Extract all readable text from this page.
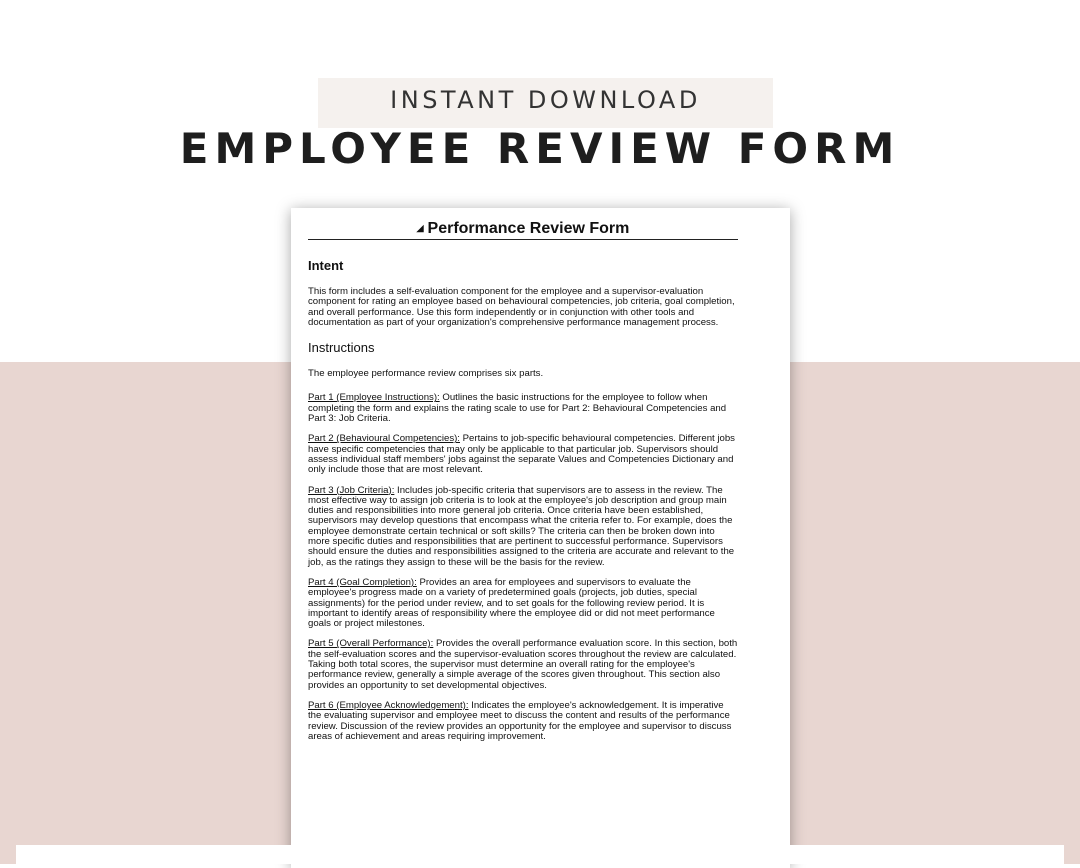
INSTANT DOWNLOAD
EMPLOYEE REVIEW FORM
◢ Performance Review Form
Intent
This form includes a self-evaluation component for the employee and a supervisor-evaluation component for rating an employee based on behavioural competencies, job criteria, goal completion, and overall performance. Use this form independently or in conjunction with other tools and documentation as part of your organization's comprehensive performance management process.
Instructions
The employee performance review comprises six parts.
Part 1 (Employee Instructions): Outlines the basic instructions for the employee to follow when completing the form and explains the rating scale to use for Part 2: Behavioural Competencies and Part 3: Job Criteria.
Part 2 (Behavioural Competencies): Pertains to job-specific behavioural competencies. Different jobs have specific competencies that may only be applicable to that particular job. Supervisors should assess individual staff members' jobs against the separate Values and Competencies Dictionary and only include those that are most relevant.
Part 3 (Job Criteria): Includes job-specific criteria that supervisors are to assess in the review. The most effective way to assign job criteria is to look at the employee's job description and group main duties and responsibilities into more general job criteria. Once criteria have been established, supervisors may develop questions that encompass what the criteria refer to. For example, does the employee demonstrate certain technical or soft skills? The criteria can then be broken down into more specific duties and responsibilities that are pertinent to successful performance. Supervisors should ensure the duties and responsibilities assigned to the criteria are accurate and relevant to the job, as the ratings they assign to these will be the basis for the review.
Part 4 (Goal Completion): Provides an area for employees and supervisors to evaluate the employee's progress made on a variety of predetermined goals (projects, job duties, special assignments) for the period under review, and to set goals for the following review period. It is important to identify areas of responsibility where the employee did or did not meet performance goals or project milestones.
Part 5 (Overall Performance): Provides the overall performance evaluation score. In this section, both the self-evaluation scores and the supervisor-evaluation scores throughout the review are calculated. Taking both total scores, the supervisor must determine an overall rating for the employee's performance review, generally a simple average of the scores given throughout. This section also provides an opportunity to set developmental objectives.
Part 6 (Employee Acknowledgement): Indicates the employee's acknowledgement. It is imperative the evaluating supervisor and employee meet to discuss the content and results of the performance review. Discussion of the review provides an opportunity for the employee and supervisor to discuss areas of achievement and areas requiring improvement.
